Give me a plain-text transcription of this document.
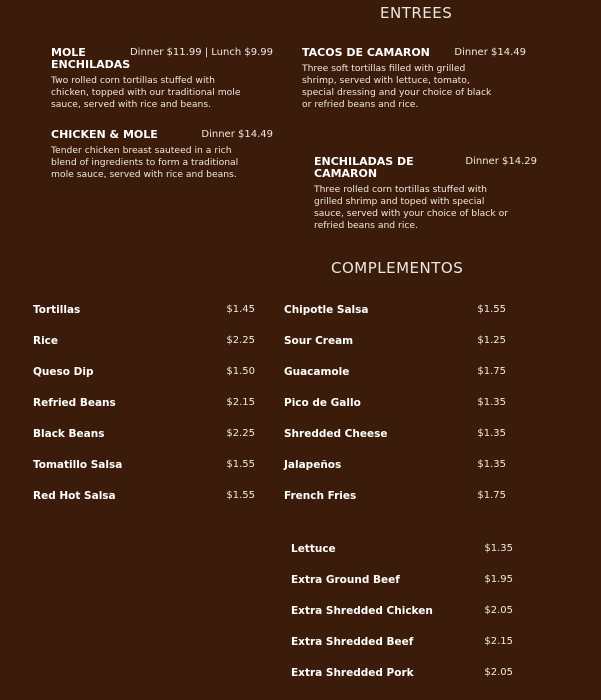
ENTREES
MOLE ENCHILADAS
Dinner $11.99 | Lunch $9.99
Two rolled corn tortillas stuffed with chicken, topped with our traditional mole sauce, served with rice and beans.
CHICKEN & MOLE	Dinner $14.49
Tender chicken breast sauteed in a rich blend of ingredients to form a traditional mole sauce, served with rice and beans.
TACOS DE CAMARON	Dinner $14.49
Three soft tortillas filled with grilled shrimp, served with lettuce, tomato, special dressing and your choice of black or refried beans and rice.
ENCHILADAS DE CAMARON
Dinner $14.29
Three rolled corn tortillas stuffed with grilled shrimp and toped with special sauce, served with your choice of black or refried beans and rice.
COMPLEMENTOS
Tortillas	$1.45
Rice	$2.25
Queso Dip	$1.50
Refried Beans	$2.15
Black Beans	$2.25
Tomatillo Salsa	$1.55
Red Hot Salsa	$1.55
Chipotle Salsa	$1.55
Sour Cream	$1.25
Guacamole	$1.75
Pico de Gallo	$1.35
Shredded Cheese	$1.35
Jalapeños	$1.35
French Fries	$1.75
Lettuce	$1.35
Extra Ground Beef	$1.95
Extra Shredded Chicken	$2.05
Extra Shredded Beef	$2.15
Extra Shredded Pork	$2.05
